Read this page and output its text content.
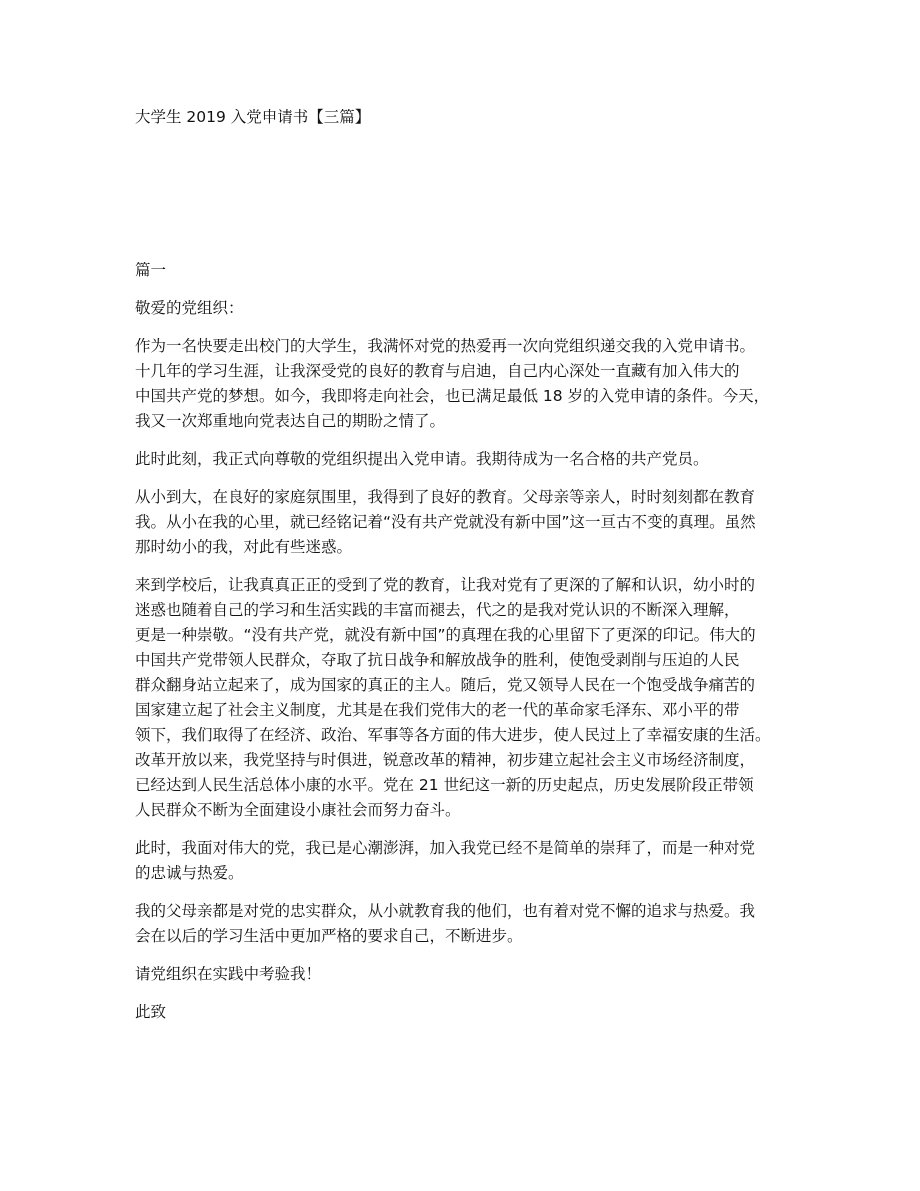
大学生 2019 入党申请书【三篇】
篇一
敬爱的党组织：
作为一名快要走出校门的大学生，我满怀对党的热爱再一次向党组织递交我的入党申请书。
十几年的学习生涯，让我深受党的良好的教育与启迪，自己内心深处一直藏有加入伟大的
中国共产党的梦想。如今，我即将走向社会，也已满足最低 18 岁的入党申请的条件。今天，
我又一次郑重地向党表达自己的期盼之情了。
此时此刻，我正式向尊敬的党组织提出入党申请。我期待成为一名合格的共产党员。
从小到大，在良好的家庭氛围里，我得到了良好的教育。父母亲等亲人，时时刻刻都在教育
我。从小在我的心里，就已经铭记着“没有共产党就没有新中国”这一亘古不变的真理。虽然
那时幼小的我，对此有些迷惑。
来到学校后，让我真真正正的受到了党的教育，让我对党有了更深的了解和认识，幼小时的
迷惑也随着自己的学习和生活实践的丰富而褪去，代之的是我对党认识的不断深入理解，
更是一种崇敬。“没有共产党，就没有新中国”的真理在我的心里留下了更深的印记。伟大的
中国共产党带领人民群众，夺取了抗日战争和解放战争的胜利，使饱受剥削与压迫的人民
群众翻身站立起来了，成为国家的真正的主人。随后，党又领导人民在一个饱受战争痛苦的
国家建立起了社会主义制度，尤其是在我们党伟大的老一代的革命家毛泽东、邓小平的带
领下，我们取得了在经济、政治、军事等各方面的伟大进步，使人民过上了幸福安康的生活。
改革开放以来，我党坚持与时俱进，锐意改革的精神，初步建立起社会主义市场经济制度，
已经达到人民生活总体小康的水平。党在 21 世纪这一新的历史起点，历史发展阶段正带领
人民群众不断为全面建设小康社会而努力奋斗。
此时，我面对伟大的党，我已是心潮澎湃，加入我党已经不是简单的崇拜了，而是一种对党
的忠诚与热爱。
我的父母亲都是对党的忠实群众，从小就教育我的他们，也有着对党不懈的追求与热爱。我
会在以后的学习生活中更加严格的要求自己，不断进步。
请党组织在实践中考验我！
此致
